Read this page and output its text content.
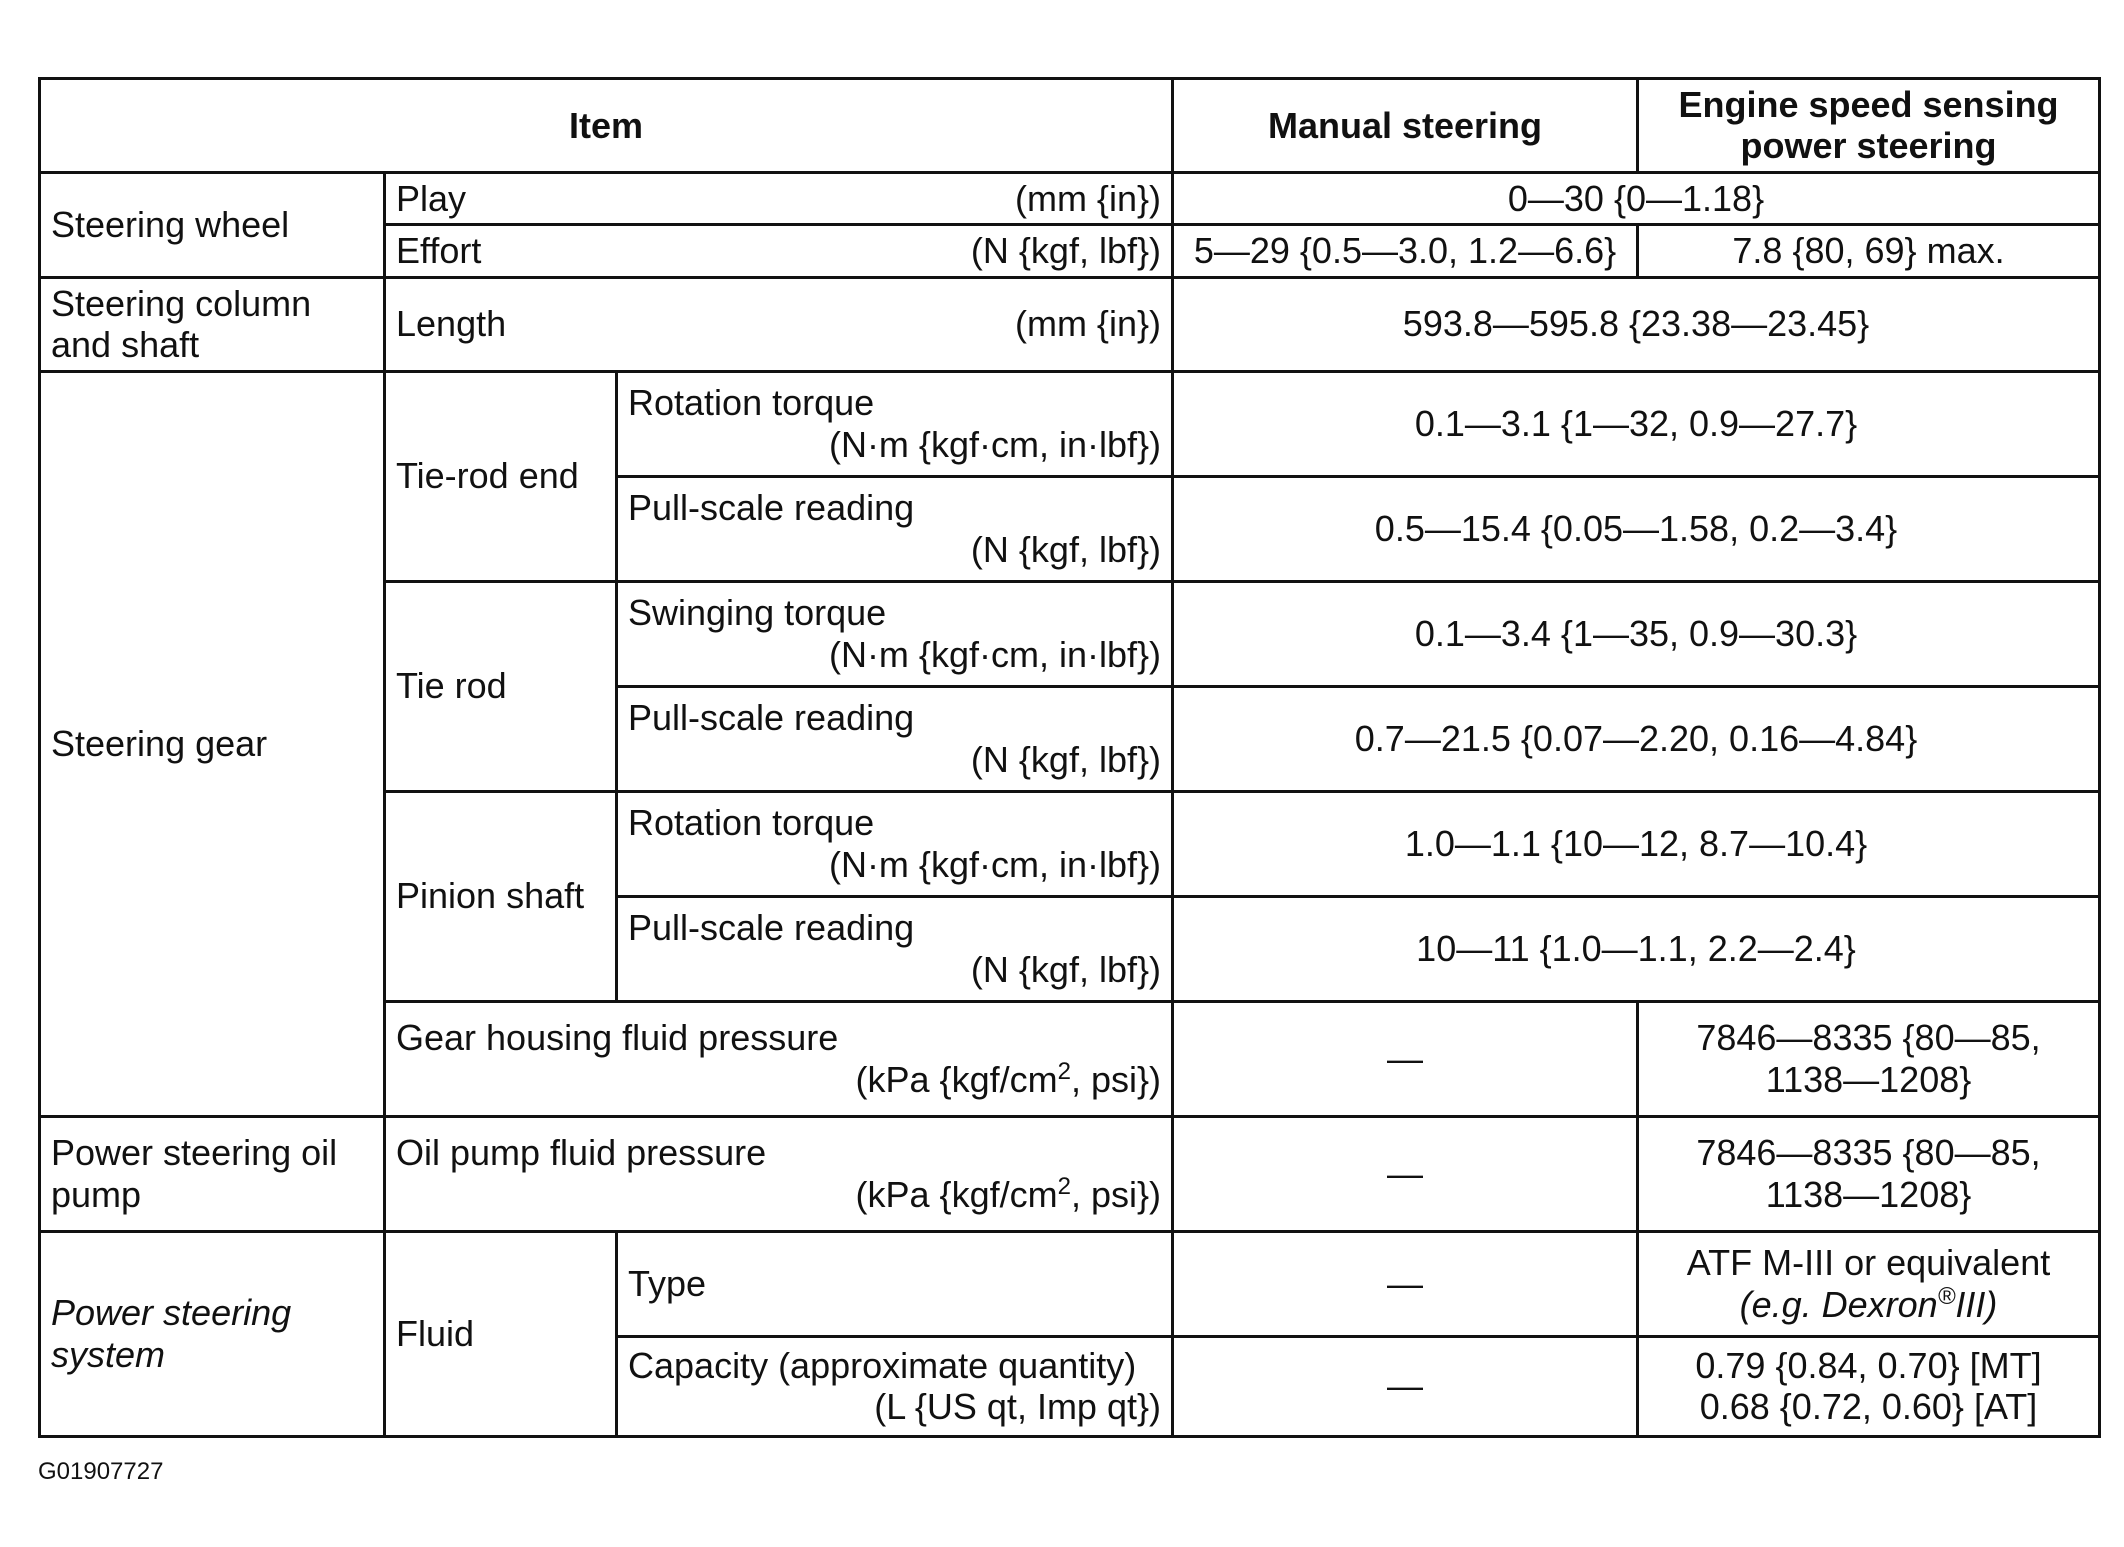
Item			Manual steering	Engine speed sensing
power steering
Steering wheel	Play (mm {in})		0—30 {0—1.18}	

	Effort (N {kgf, lbf})		5—29 {0.5—3.0, 1.2—6.6}	7.8 {80, 69} max.
Steering column
and shaft	Length (mm {in})		593.8—595.8 {23.38—23.45}	
Steering gear	Tie-rod end	Rotation torque
(N·m {kgf·cm, in·lbf})	0.1—3.1 {1—32, 0.9—27.7}	

		Pull-scale reading
(N {kgf, lbf})	0.5—15.4 {0.05—1.58, 0.2—3.4}	
	Tie rod	Swinging torque
(N·m {kgf·cm, in·lbf})	0.1—3.4 {1—35, 0.9—30.3}	

		Pull-scale reading
(N {kgf, lbf})	0.7—21.5 {0.07—2.20, 0.16—4.84}	
	Pinion shaft	Rotation torque
(N·m {kgf·cm, in·lbf})	1.0—1.1 {10—12, 8.7—10.4}	

		Pull-scale reading
(N {kgf, lbf})	10—11 {1.0—1.1, 2.2—2.4}	

	Gear housing fluid pressure
(kPa {$kgf/cm^2$, psi})		—	7846—8335 {80—85,
1138—1208}
Power steering oil
pump	Oil pump fluid pressure
(kPa {$kgf/cm^2$, psi})		—	7846—8335 {80—85,
1138—1208}
Power steering
system	Fluid	Type	—	ATF M-III or equivalent
(e.g. Dexron®III)

		Capacity (approximate quantity)
(L {US qt, Imp qt})	—	0.79 {0.84, 0.70} [MT]
0.68 {0.72, 0.60} [AT]
G01907727
